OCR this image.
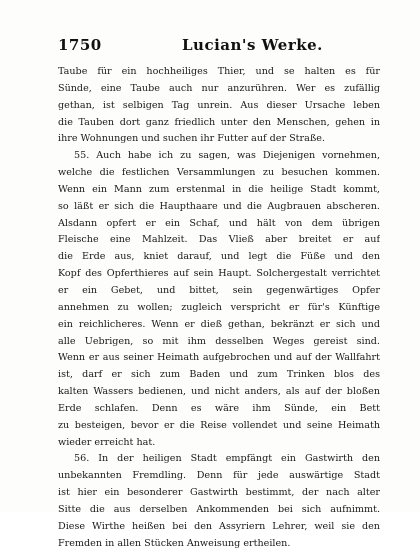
1750	Lucian's Werke.
Taube für ein hochheiliges Thier, und se halten es für
Sünde, eine Taube auch nur anzurühren. Wer es zufällig
gethan, ist selbigen Tag unrein. Aus dieser Ursache leben
die Tauben dort ganz friedlich unter den Menschen, gehen in
ihre Wohnungen und suchen ihr Futter auf der Straße.
55. Auch habe ich zu sagen, was Diejenigen vornehmen,
welche die festlichen Versammlungen zu besuchen kommen.
Wenn ein Mann zum erstenmal in die heilige Stadt kommt,
so läßt er sich die Haupthaare und die Augbrauen abscheren.
Alsdann opfert er ein Schaf, und hält von dem übrigen
Fleische eine Mahlzeit. Das Vließ aber breitet er auf
die Erde aus, kniet darauf, und legt die Füße und den
Kopf des Opferthieres auf sein Haupt. Solchergestalt verrichtet
er ein Gebet, und bittet, sein gegenwärtiges Opfer
annehmen zu wollen; zugleich verspricht er für's Künftige
ein reichlicheres. Wenn er dieß gethan, bekränzt er sich und
alle Uebrigen, so mit ihm desselben Weges gereist sind.
Wenn er aus seiner Heimath aufgebrochen und auf der Wallfahrt
ist, darf er sich zum Baden und zum Trinken blos des
kalten Wassers bedienen, und nicht anders, als auf der bloßen
Erde schlafen. Denn es wäre ihm Sünde, ein Bett
zu besteigen, bevor er die Reise vollendet und seine Heimath
wieder erreicht hat.
56. In der heiligen Stadt empfängt ein Gastwirth den
unbekannten Fremdling. Denn für jede auswärtige Stadt
ist hier ein besonderer Gastwirth bestimmt, der nach alter
Sitte die aus derselben Ankommenden bei sich aufnimmt.
Diese Wirthe heißen bei den Assyriern Lehrer, weil sie den
Fremden in allen Stücken Anweisung ertheilen.
